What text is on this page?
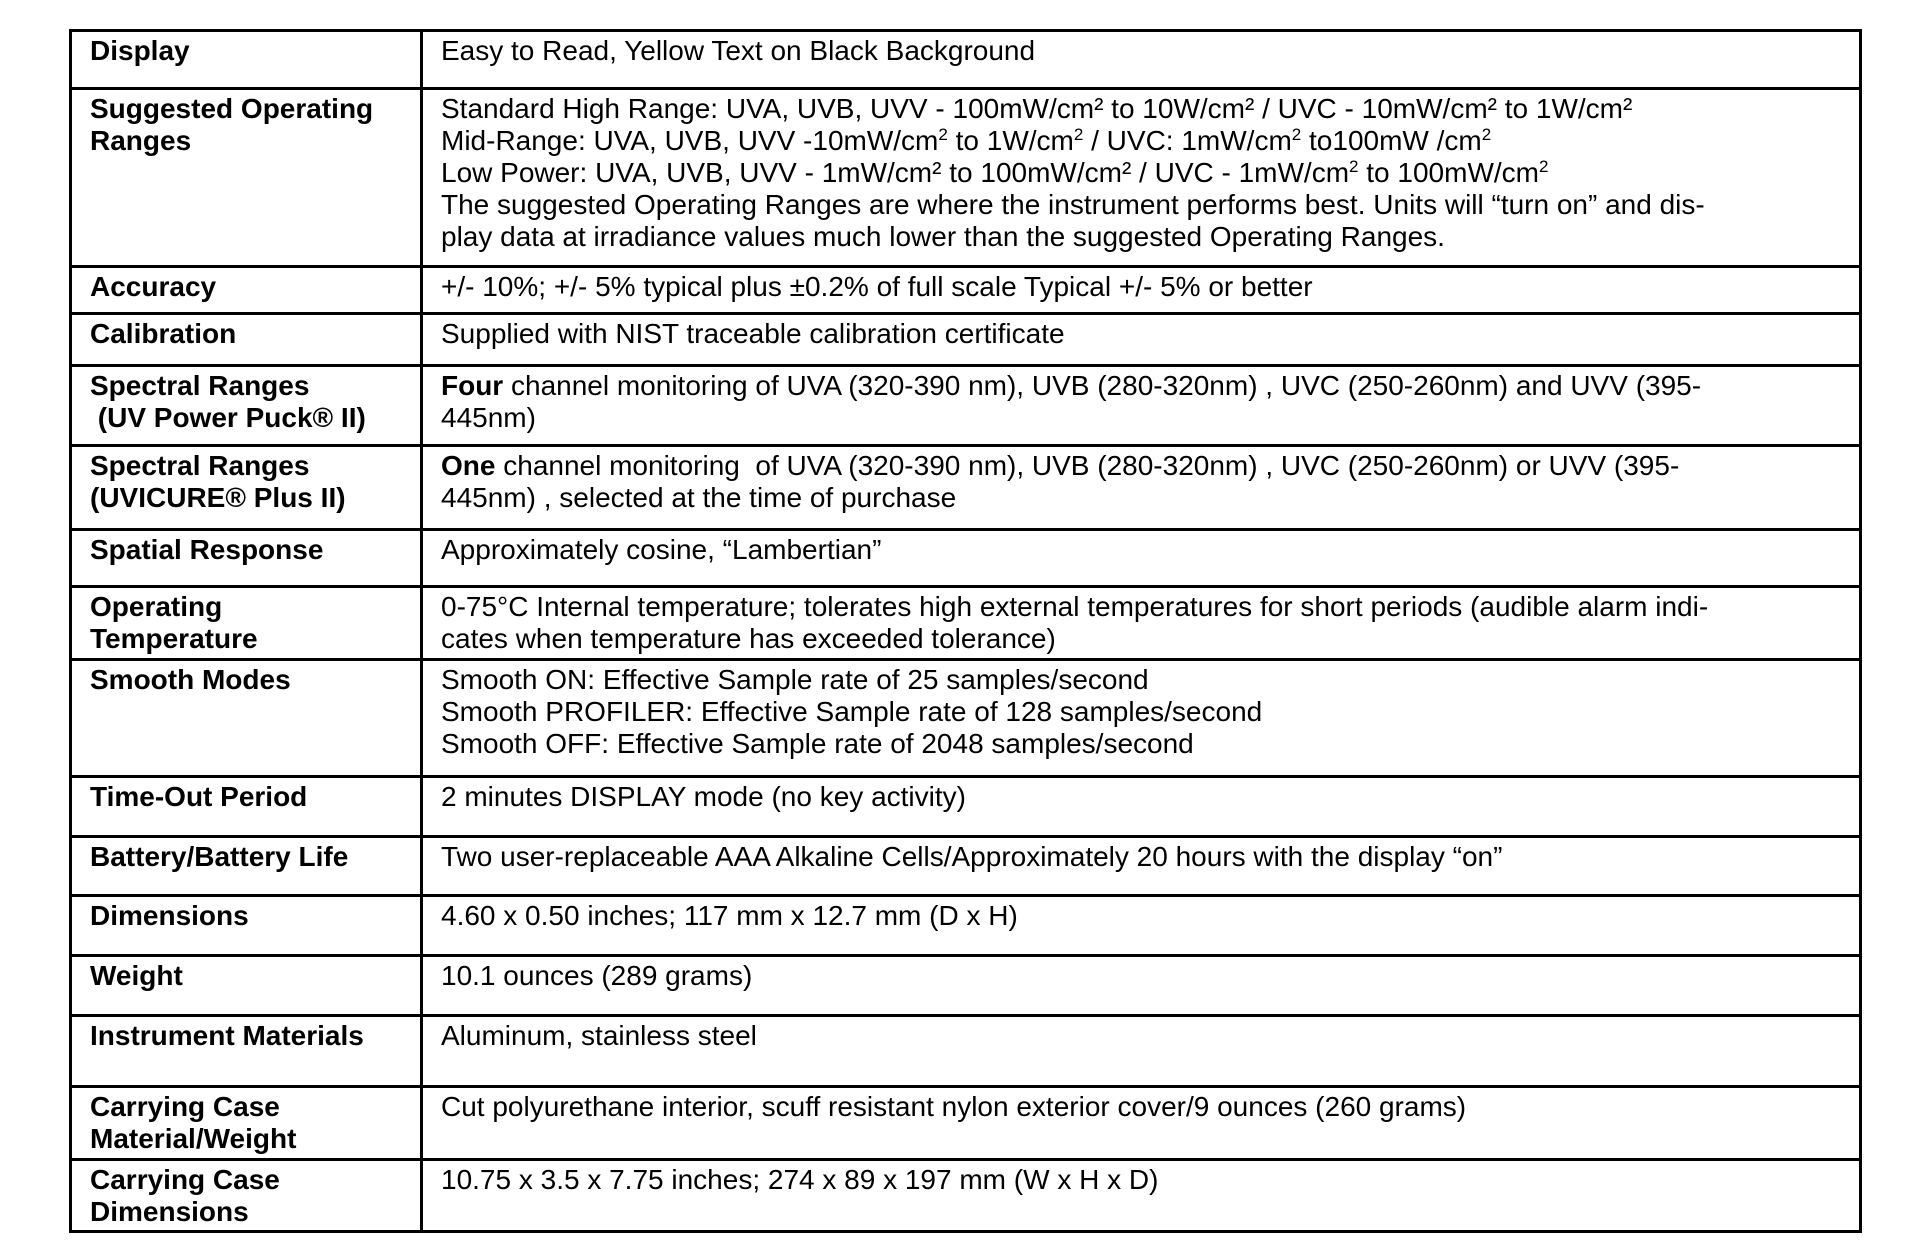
Display	Easy to Read, Yellow Text on Black Background

Suggested Operating
Ranges	Standard High Range: UVA, UVB, UVV - 100mW/cm² to 10W/cm² / UVC - 10mW/cm² to 1W/cm²
Mid-Range: UVA, UVB, UVV $-10mW/cm^2$ to $1W/cm^2$ / UVC: $1mW/cm^2$ to100mW $/cm^2$
Low Power: UVA, UVB, UVV - 1mW/cm² to 100mW/cm² / UVC - $1mW/cm^2$ to $100mW/cm^2$
The suggested Operating Ranges are where the instrument performs best. Units will “turn on” and dis-
play data at irradiance values much lower than the suggested Operating Ranges.

Accuracy	+/- 10%; +/- 5% typical plus ±0.2% of full scale Typical +/- 5% or better

Calibration	Supplied with NIST traceable calibration certificate

Spectral Ranges
(UV Power Puck® II)	Four channel monitoring of UVA (320-390 nm), UVB (280-320nm) , UVC (250-260nm) and UVV (395-
445nm)

Spectral Ranges
(UVICURE® Plus II)	One channel monitoring  of UVA (320-390 nm), UVB (280-320nm) , UVC (250-260nm) or UVV (395-
445nm) , selected at the time of purchase

Spatial Response	Approximately cosine, “Lambertian”

Operating
Temperature	0-75°C Internal temperature; tolerates high external temperatures for short periods (audible alarm indi-
cates when temperature has exceeded tolerance)

Smooth Modes	Smooth ON: Effective Sample rate of 25 samples/second
Smooth PROFILER: Effective Sample rate of 128 samples/second
Smooth OFF: Effective Sample rate of 2048 samples/second

Time-Out Period	2 minutes DISPLAY mode (no key activity)

Battery/Battery Life	Two user-replaceable AAA Alkaline Cells/Approximately 20 hours with the display “on”

Dimensions	4.60 x 0.50 inches; 117 mm x 12.7 mm (D x H)

Weight	10.1 ounces (289 grams)

Instrument Materials	Aluminum, stainless steel

Carrying Case
Material/Weight	Cut polyurethane interior, scuff resistant nylon exterior cover/9 ounces (260 grams)

Carrying Case
Dimensions	10.75 x 3.5 x 7.75 inches; 274 x 89 x 197 mm (W x H x D)
